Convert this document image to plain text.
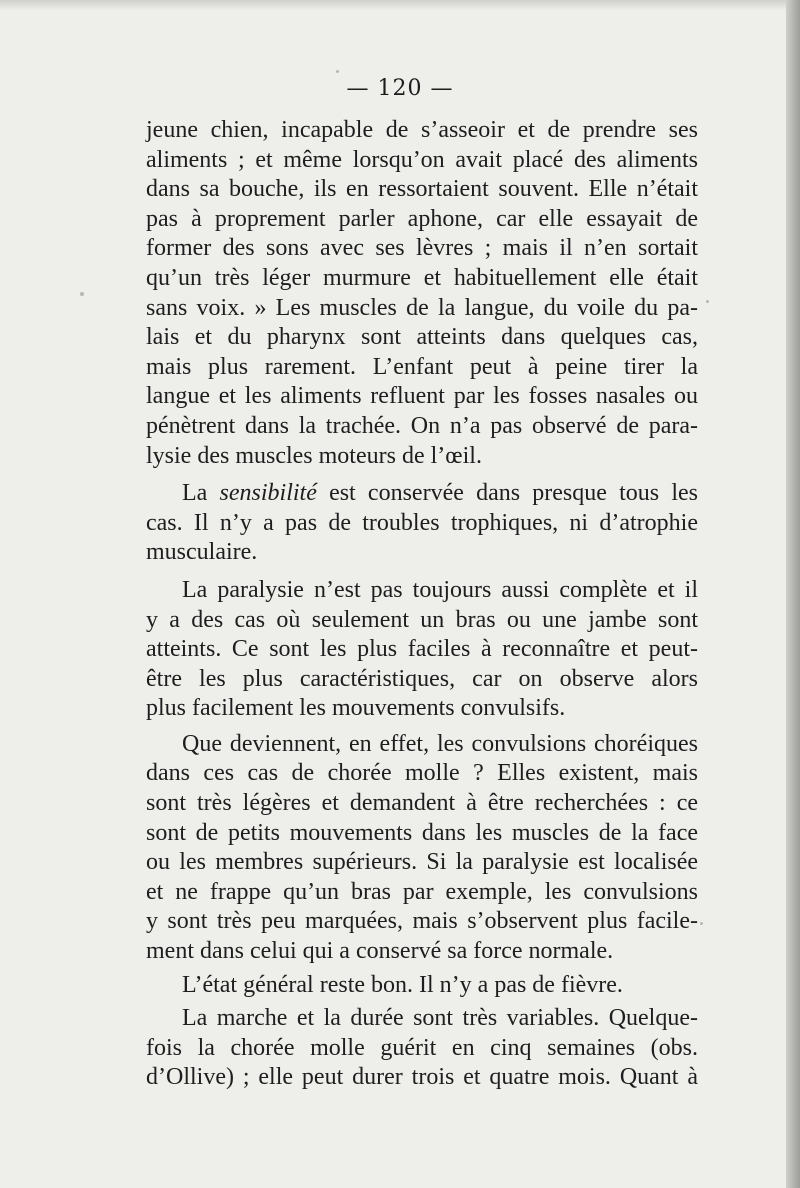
— 120 —

jeune chien, incapable de s’asseoir et de prendre ses
aliments ; et même lorsqu’on avait placé des aliments
dans sa bouche, ils en ressortaient souvent. Elle n’était
pas à proprement parler aphone, car elle essayait de
former des sons avec ses lèvres ; mais il n’en sortait
qu’un très léger murmure et habituellement elle était
sans voix. » Les muscles de la langue, du voile du pa-
lais et du pharynx sont atteints dans quelques cas,
mais plus rarement. L’enfant peut à peine tirer la
langue et les aliments refluent par les fosses nasales ou
pénètrent dans la trachée. On n’a pas observé de para-
lysie des muscles moteurs de l’œil.

La sensibilité est conservée dans presque tous les
cas. Il n’y a pas de troubles trophiques, ni d’atrophie
musculaire.

La paralysie n’est pas toujours aussi complète et il
y a des cas où seulement un bras ou une jambe sont
atteints. Ce sont les plus faciles à reconnaître et peut-
être les plus caractéristiques, car on observe alors
plus facilement les mouvements convulsifs.

Que deviennent, en effet, les convulsions choréiques
dans ces cas de chorée molle ? Elles existent, mais
sont très légères et demandent à être recherchées : ce
sont de petits mouvements dans les muscles de la face
ou les membres supérieurs. Si la paralysie est localisée
et ne frappe qu’un bras par exemple, les convulsions
y sont très peu marquées, mais s’observent plus facile-
ment dans celui qui a conservé sa force normale.

L’état général reste bon. Il n’y a pas de fièvre.

La marche et la durée sont très variables. Quelque-
fois la chorée molle guérit en cinq semaines (obs.
d’Ollive) ; elle peut durer trois et quatre mois. Quant à
